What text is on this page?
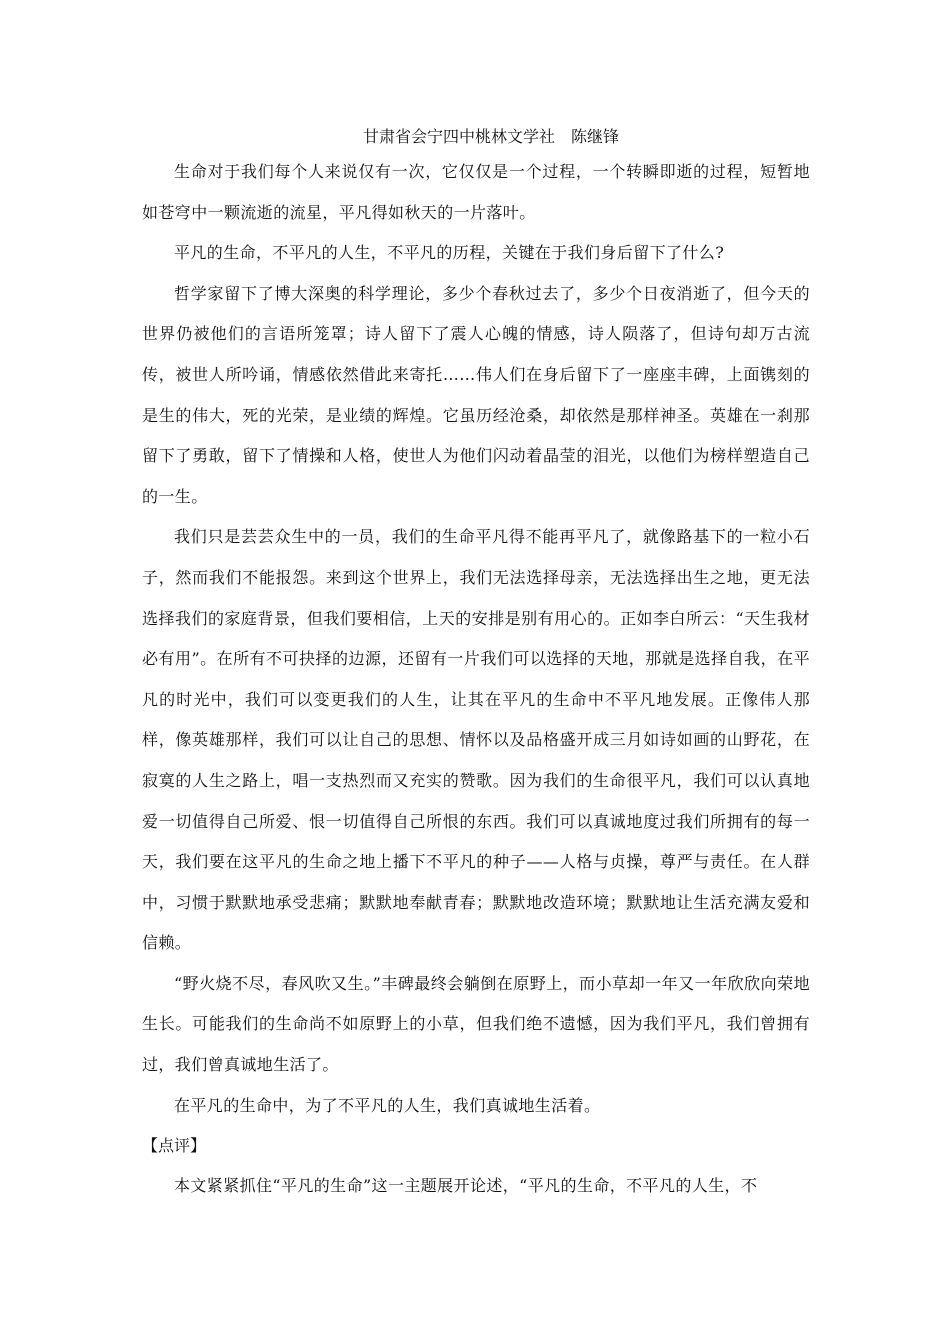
甘肃省会宁四中桃林文学社　陈继锋

生命对于我们每个人来说仅有一次，它仅仅是一个过程，一个转瞬即逝的过程，短暂地如苍穹中一颗流逝的流星，平凡得如秋天的一片落叶。

平凡的生命，不平凡的人生，不平凡的历程，关键在于我们身后留下了什么?

哲学家留下了博大深奥的科学理论，多少个春秋过去了，多少个日夜消逝了，但今天的世界仍被他们的言语所笼罩；诗人留下了震人心魄的情感，诗人陨落了，但诗句却万古流传，被世人所吟诵，情感依然借此来寄托……伟人们在身后留下了一座座丰碑，上面镌刻的是生的伟大，死的光荣，是业绩的辉煌。它虽历经沧桑，却依然是那样神圣。英雄在一刹那留下了勇敢，留下了情操和人格，使世人为他们闪动着晶莹的泪光，以他们为榜样塑造自己的一生。

我们只是芸芸众生中的一员，我们的生命平凡得不能再平凡了，就像路基下的一粒小石子，然而我们不能报怨。来到这个世界上，我们无法选择母亲，无法选择出生之地，更无法选择我们的家庭背景，但我们要相信，上天的安排是别有用心的。正如李白所云：“天生我材必有用”。在所有不可抉择的边源，还留有一片我们可以选择的天地，那就是选择自我，在平凡的时光中，我们可以变更我们的人生，让其在平凡的生命中不平凡地发展。正像伟人那样，像英雄那样，我们可以让自己的思想、情怀以及品格盛开成三月如诗如画的山野花，在寂寞的人生之路上，唱一支热烈而又充实的赞歌。因为我们的生命很平凡，我们可以认真地爱一切值得自己所爱、恨一切值得自己所恨的东西。我们可以真诚地度过我们所拥有的每一天，我们要在这平凡的生命之地上播下不平凡的种子——人格与贞操，尊严与责任。在人群中，习惯于默默地承受悲痛；默默地奉献青春；默默地改造环境；默默地让生活充满友爱和信赖。

“野火烧不尽，春风吹又生。”丰碑最终会躺倒在原野上，而小草却一年又一年欣欣向荣地生长。可能我们的生命尚不如原野上的小草，但我们绝不遗憾，因为我们平凡，我们曾拥有过，我们曾真诚地生活了。

在平凡的生命中，为了不平凡的人生，我们真诚地生活着。

【点评】

本文紧紧抓住“平凡的生命”这一主题展开论述，“平凡的生命，不平凡的人生，不
